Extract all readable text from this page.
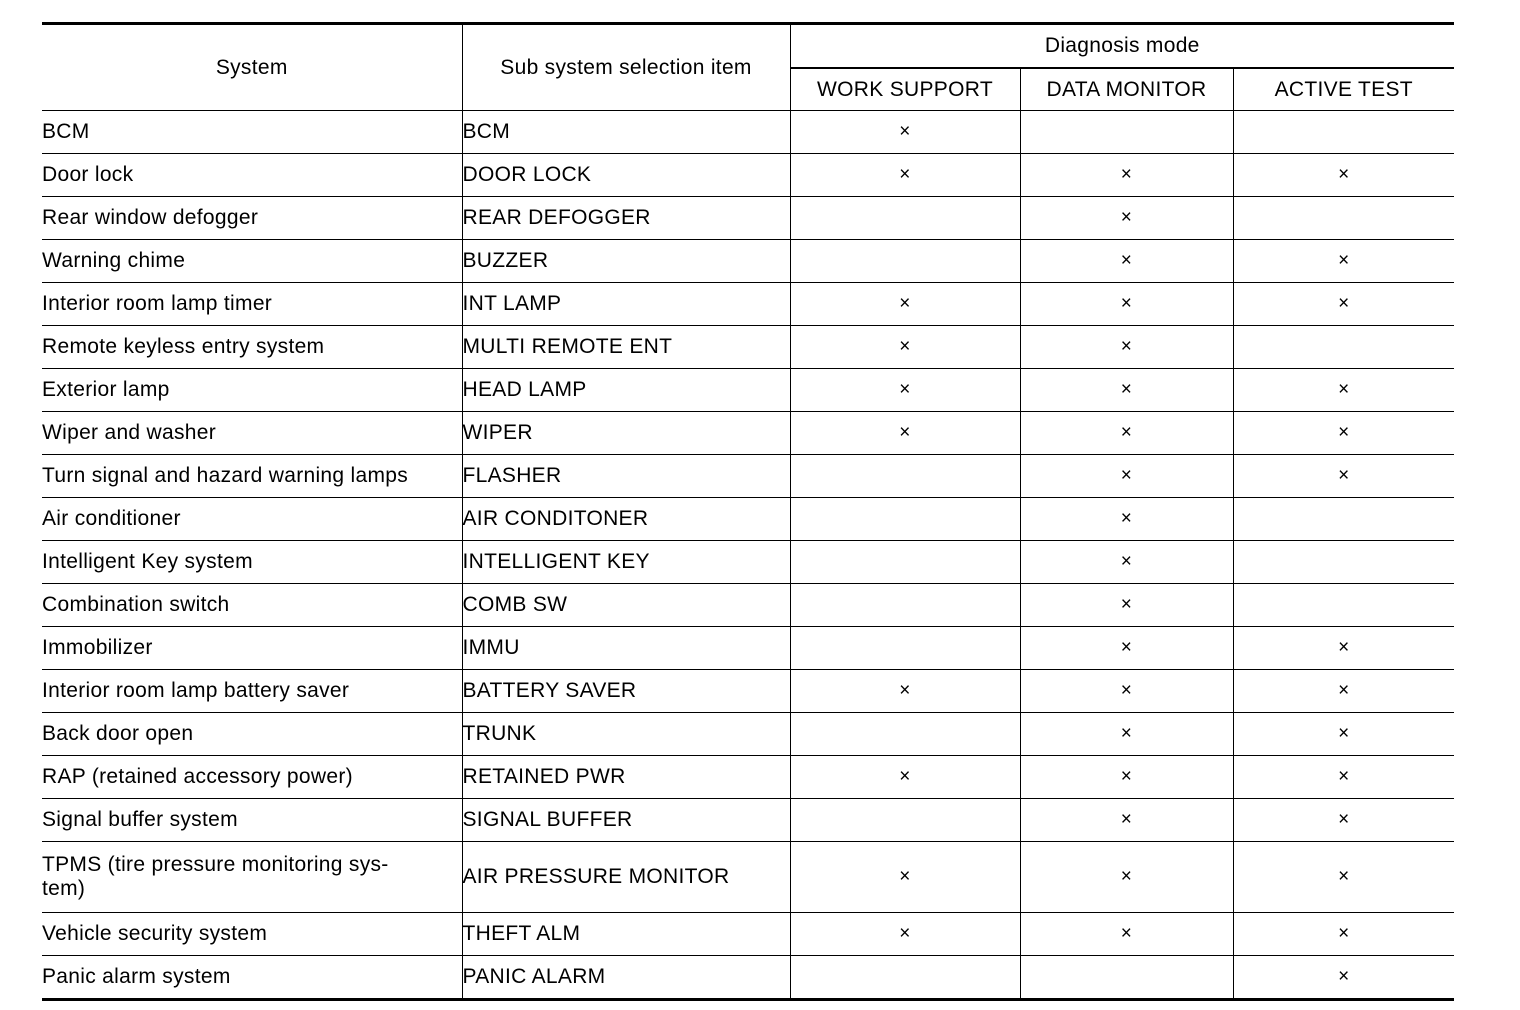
System	Sub system selection item	Diagnosis mode		
		WORK SUPPORT	DATA MONITOR	ACTIVE TEST
BCM	BCM	×		
Door lock	DOOR LOCK	×	×	×
Rear window defogger	REAR DEFOGGER		×	
Warning chime	BUZZER		×	×
Interior room lamp timer	INT LAMP	×	×	×
Remote keyless entry system	MULTI REMOTE ENT	×	×	
Exterior lamp	HEAD LAMP	×	×	×
Wiper and washer	WIPER	×	×	×
Turn signal and hazard warning lamps	FLASHER		×	×
Air conditioner	AIR CONDITONER		×	
Intelligent Key system	INTELLIGENT KEY		×	
Combination switch	COMB SW		×	
Immobilizer	IMMU		×	×
Interior room lamp battery saver	BATTERY SAVER	×	×	×
Back door open	TRUNK		×	×
RAP (retained accessory power)	RETAINED PWR	×	×	×
Signal buffer system	SIGNAL BUFFER		×	×
TPMS (tire pressure monitoring sys-
tem)	AIR PRESSURE MONITOR	×	×	×
Vehicle security system	THEFT ALM	×	×	×
Panic alarm system	PANIC ALARM			×
